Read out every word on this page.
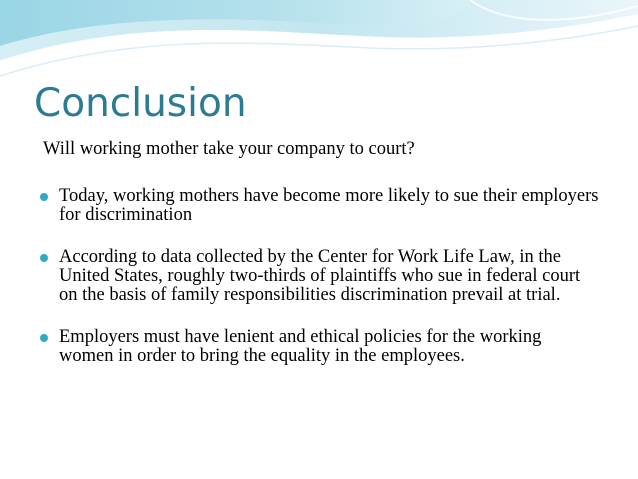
Conclusion
Will working mother take your company to court?
Today, working mothers have become more likely to sue their employers for discrimination
According to data collected by the Center for Work Life Law, in the United States, roughly two-thirds of plaintiffs who sue in federal court on the basis of family responsibilities discrimination prevail at trial.
Employers must have lenient and ethical policies for the working women in order to bring the equality in the employees.
